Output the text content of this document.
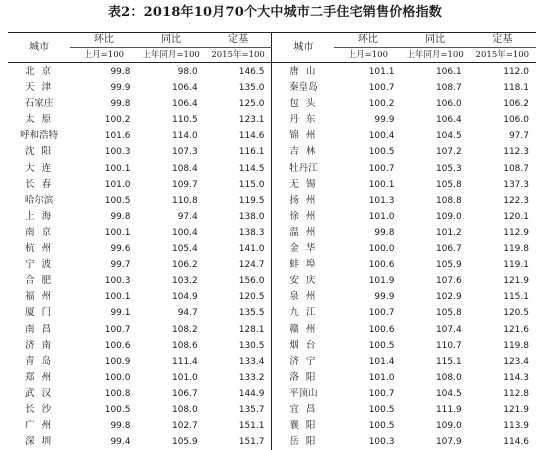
表2：2018年10月70个大中城市二手住宅销售价格指数
城市	环比	同比	定基	城市	环比	同比	定基
	上月=100	上年同月=100	2015年=100		上月=100	上年同月=100	2015年=100
北 京	99.8	98.0	146.5	唐 山	101.1	106.1	112.0
天 津	99.9	106.4	135.0	秦皇岛	100.7	108.7	118.1
石家庄	99.8	106.4	125.0	包 头	100.2	106.0	106.2
太 原	100.2	110.5	123.1	丹 东	99.9	106.4	106.0
呼和浩特	101.6	114.0	114.6	锦 州	100.4	104.5	97.7
沈 阳	100.3	107.3	116.1	吉 林	100.5	107.2	112.3
大 连	100.1	108.4	114.5	牡丹江	100.7	105.3	108.7
长 春	101.0	109.7	115.0	无 锡	100.1	105.8	137.3
哈尔滨	100.5	110.8	119.5	扬 州	101.3	108.8	122.3
上 海	99.8	97.4	138.0	徐 州	101.0	109.0	120.1
南 京	100.1	100.4	138.3	温 州	99.8	101.2	112.9
杭 州	99.6	105.4	141.0	金 华	100.0	106.7	119.8
宁 波	99.7	106.2	124.7	蚌 埠	100.6	105.9	119.1
合 肥	100.3	103.2	156.0	安 庆	101.9	107.6	121.9
福 州	100.1	104.9	120.5	泉 州	99.9	102.9	115.1
厦 门	99.1	94.7	135.5	九 江	100.7	105.8	120.5
南 昌	100.7	108.2	128.1	赣 州	100.6	107.4	121.6
济 南	100.6	108.6	130.5	烟 台	100.5	110.7	119.8
青 岛	100.9	111.4	133.4	济 宁	101.4	115.1	123.4
郑 州	100.0	101.0	133.2	洛 阳	101.0	108.0	114.3
武 汉	100.8	106.7	144.9	平顶山	100.7	104.5	112.8
长 沙	100.5	108.0	135.7	宜 昌	100.5	111.9	121.9
广 州	99.8	102.7	151.1	襄 阳	100.5	109.0	113.9
深 圳	99.4	105.9	151.7	岳 阳	100.3	107.9	114.6
